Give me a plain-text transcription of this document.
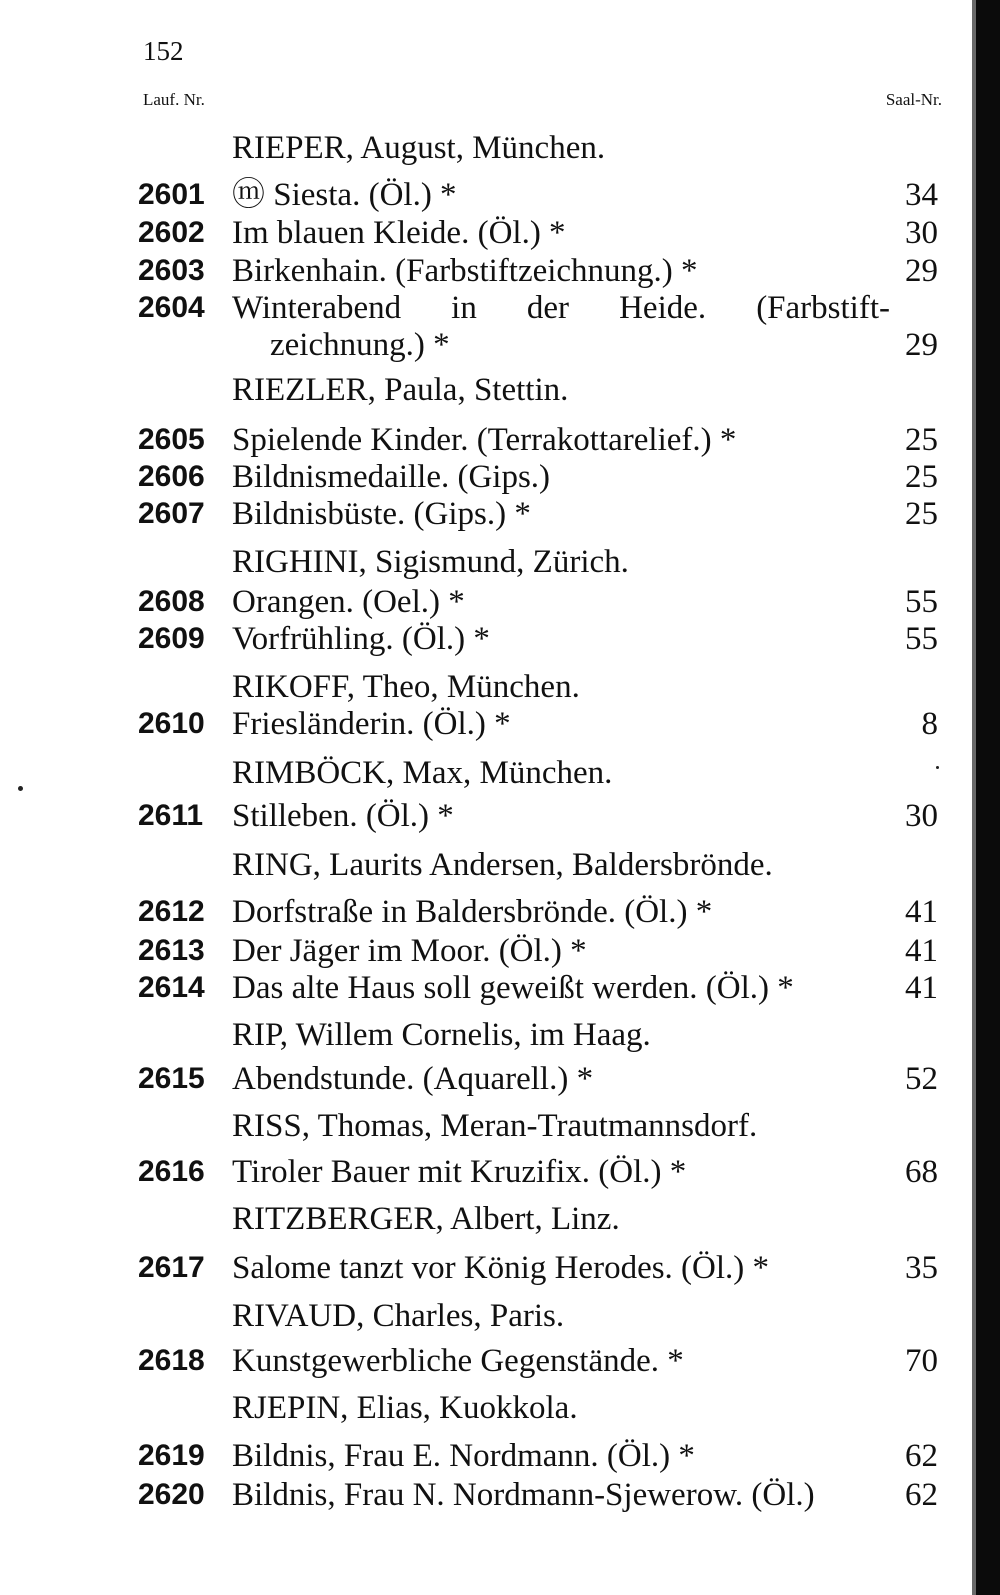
152
Lauf. Nr.	Saal-Nr.
RIEPER, August, München.
2601 ⓜ Siesta. (Öl.) *	34
2602 Im blauen Kleide. (Öl.) *	30
2603 Birkenhain. (Farbstiftzeichnung.) *	29
2604 Winterabend in der Heide. (Farbstift-
zeichnung.) *	29
RIEZLER, Paula, Stettin.
2605 Spielende Kinder. (Terrakottarelief.) *	25
2606 Bildnismedaille. (Gips.)	25
2607 Bildnisbüste. (Gips.) *	25
RIGHINI, Sigismund, Zürich.
2608 Orangen. (Oel.) *	55
2609 Vorfrühling. (Öl.) *	55
RIKOFF, Theo, München.
2610 Friesländerin. (Öl.) *	8
RIMBÖCK, Max, München.
2611 Stilleben. (Öl.) *	30
RING, Laurits Andersen, Baldersbrönde.
2612 Dorfstraße in Baldersbrönde. (Öl.) *	41
2613 Der Jäger im Moor. (Öl.) *	41
2614 Das alte Haus soll geweißt werden. (Öl.) *	41
RIP, Willem Cornelis, im Haag.
2615 Abendstunde. (Aquarell.) *	52
RISS, Thomas, Meran-Trautmannsdorf.
2616 Tiroler Bauer mit Kruzifix. (Öl.) *	68
RITZBERGER, Albert, Linz.
2617 Salome tanzt vor König Herodes. (Öl.) *	35
RIVAUD, Charles, Paris.
2618 Kunstgewerbliche Gegenstände. *	70
RJEPIN, Elias, Kuokkola.
2619 Bildnis, Frau E. Nordmann. (Öl.) *	62
2620 Bildnis, Frau N. Nordmann-Sjewerow. (Öl.)	62
